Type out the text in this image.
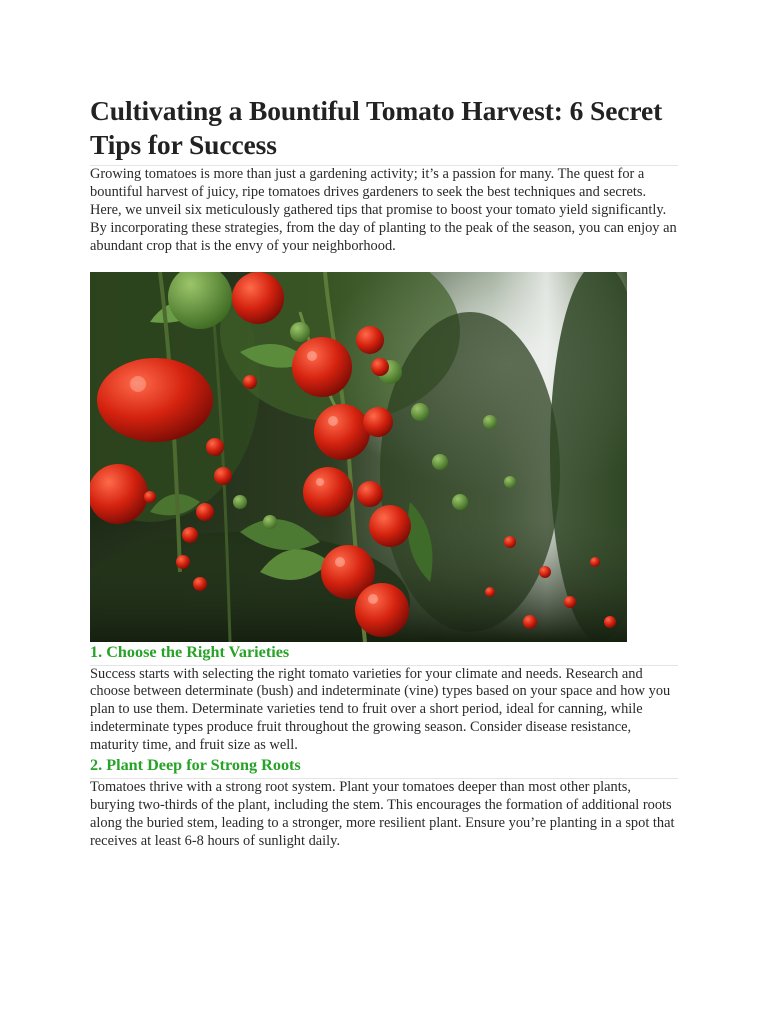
Cultivating a Bountiful Tomato Harvest: 6 Secret Tips for Success

Growing tomatoes is more than just a gardening activity; it’s a passion for many. The quest for a bountiful harvest of juicy, ripe tomatoes drives gardeners to seek the best techniques and secrets. Here, we unveil six meticulously gathered tips that promise to boost your tomato yield significantly. By incorporating these strategies, from the day of planting to the peak of the season, you can enjoy an abundant crop that is the envy of your neighborhood.

1. Choose the Right Varieties

Success starts with selecting the right tomato varieties for your climate and needs. Research and choose between determinate (bush) and indeterminate (vine) types based on your space and how you plan to use them. Determinate varieties tend to fruit over a short period, ideal for canning, while indeterminate types produce fruit throughout the growing season. Consider disease resistance, maturity time, and fruit size as well.

2. Plant Deep for Strong Roots

Tomatoes thrive with a strong root system. Plant your tomatoes deeper than most other plants, burying two-thirds of the plant, including the stem. This encourages the formation of additional roots along the buried stem, leading to a stronger, more resilient plant. Ensure you’re planting in a spot that receives at least 6-8 hours of sunlight daily.
